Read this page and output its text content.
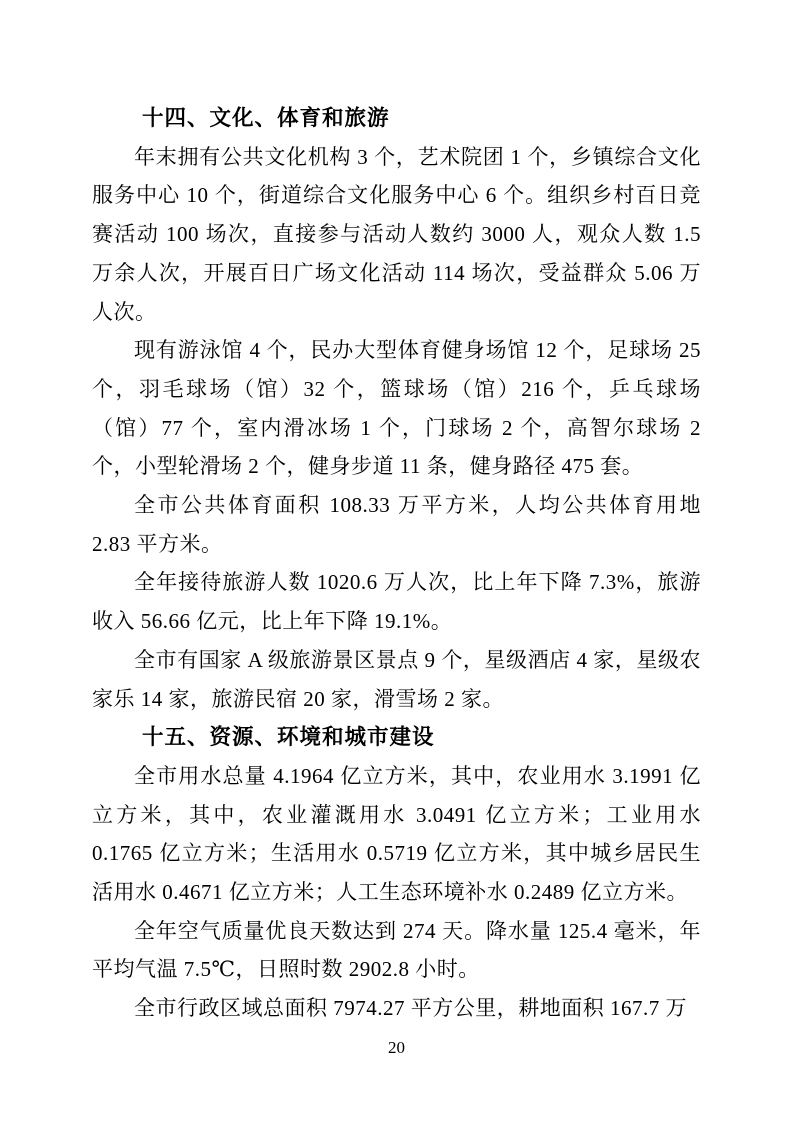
十四、文化、体育和旅游

年末拥有公共文化机构 3 个，艺术院团 1 个，乡镇综合文化服务中心 10 个，街道综合文化服务中心 6 个。组织乡村百日竞赛活动 100 场次，直接参与活动人数约 3000 人，观众人数 1.5 万余人次，开展百日广场文化活动 114 场次，受益群众 5.06 万人次。

现有游泳馆 4 个，民办大型体育健身场馆 12 个，足球场 25 个，羽毛球场（馆）32 个，篮球场（馆）216 个，乒乓球场（馆）77 个，室内滑冰场 1 个，门球场 2 个，高智尔球场 2 个，小型轮滑场 2 个，健身步道 11 条，健身路径 475 套。

全市公共体育面积 108.33 万平方米，人均公共体育用地 2.83 平方米。

全年接待旅游人数 1020.6 万人次，比上年下降 7.3%，旅游收入 56.66 亿元，比上年下降 19.1%。

全市有国家 A 级旅游景区景点 9 个，星级酒店 4 家，星级农家乐 14 家，旅游民宿 20 家，滑雪场 2 家。

十五、资源、环境和城市建设

全市用水总量 4.1964 亿立方米，其中，农业用水 3.1991 亿立方米，其中，农业灌溉用水 3.0491 亿立方米；工业用水 0.1765 亿立方米；生活用水 0.5719 亿立方米，其中城乡居民生活用水 0.4671 亿立方米；人工生态环境补水 0.2489 亿立方米。

全年空气质量优良天数达到 274 天。降水量 125.4 毫米，年平均气温 7.5℃，日照时数 2902.8 小时。

全市行政区域总面积 7974.27 平方公里，耕地面积 167.7 万

20
